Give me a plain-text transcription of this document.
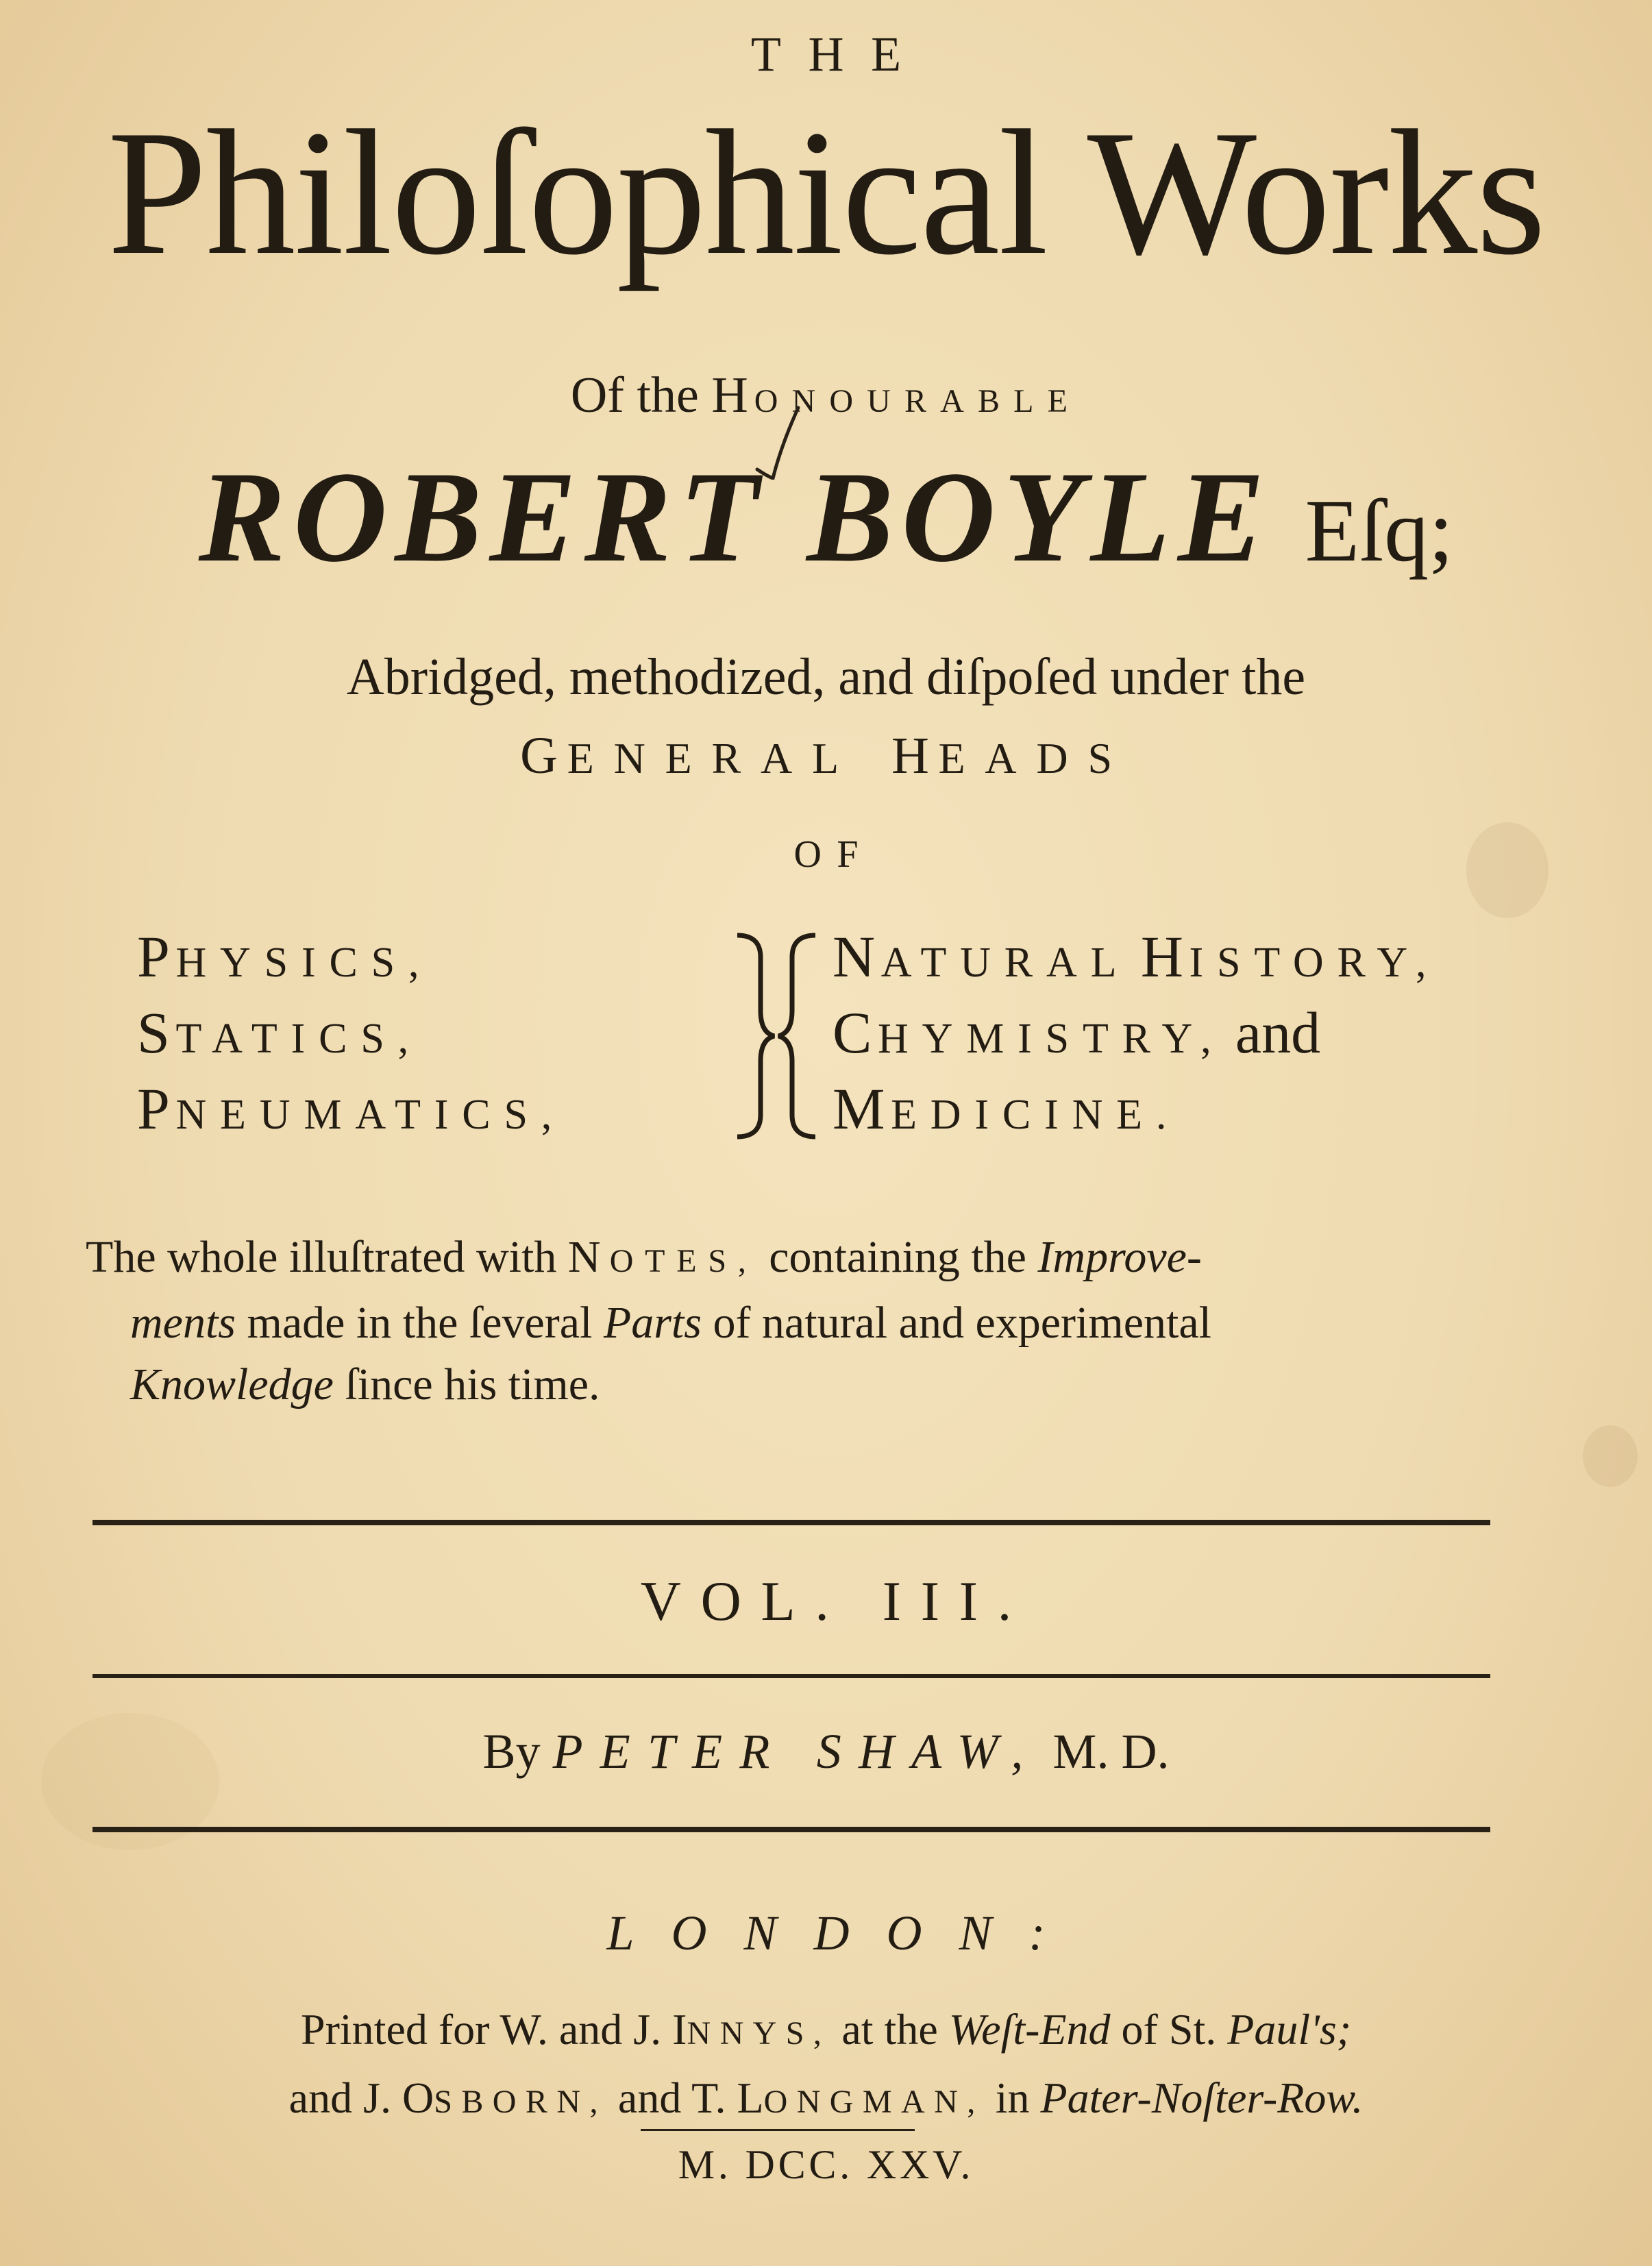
THE
Philoſophical Works
Of the HONOURABLE
ROBERT BOYLE Eſq;
Abridged, methodized, and diſpoſed under the
GENERAL HEADS
OF
PHYSICS,
STATICS,
PNEUMATICS,
NATURAL HISTORY,
CHYMISTRY, and
MEDICINE.
The whole illuſtrated with NOTES, containing the Improve-
ments made in the ſeveral Parts of natural and experimental
Knowledge ſince his time.
VOL. III.
By PETER SHAW, M. D.
LONDON:
Printed for W. and J. INNYS, at the Weſt-End of St. Paul's;
and J. OSBORN, and T. LONGMAN, in Pater-Noſter-Row.
M. DCC. XXV.
